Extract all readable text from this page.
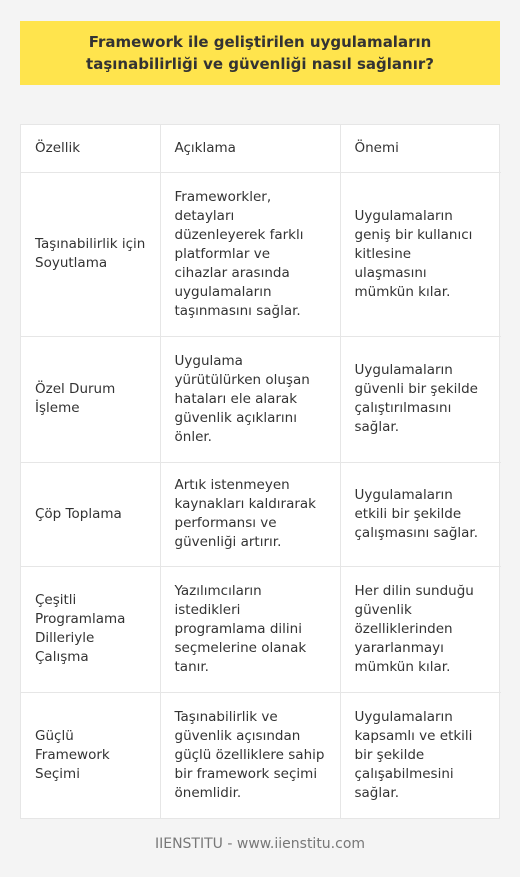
Framework ile geliştirilen uygulamaların taşınabilirliği ve güvenliği nasıl sağlanır?
Özellik	Açıklama	Önemi
Taşınabilirlik için Soyutlama	Frameworkler, detayları düzenleyerek farklı platformlar ve cihazlar arasında uygulamaların taşınmasını sağlar.	Uygulamaların geniş bir kullanıcı kitlesine ulaşmasını mümkün kılar.
Özel Durum İşleme	Uygulama yürütülürken oluşan hataları ele alarak güvenlik açıklarını önler.	Uygulamaların güvenli bir şekilde çalıştırılmasını sağlar.
Çöp Toplama	Artık istenmeyen kaynakları kaldırarak performansı ve güvenliği artırır.	Uygulamaların etkili bir şekilde çalışmasını sağlar.
Çeşitli Programlama Dilleriyle Çalışma	Yazılımcıların istedikleri programlama dilini seçmelerine olanak tanır.	Her dilin sunduğu güvenlik özelliklerinden yararlanmayı mümkün kılar.
Güçlü Framework Seçimi	Taşınabilirlik ve güvenlik açısından güçlü özelliklere sahip bir framework seçimi önemlidir.	Uygulamaların kapsamlı ve etkili bir şekilde çalışabilmesini sağlar.
IIENSTITU - www.iienstitu.com
